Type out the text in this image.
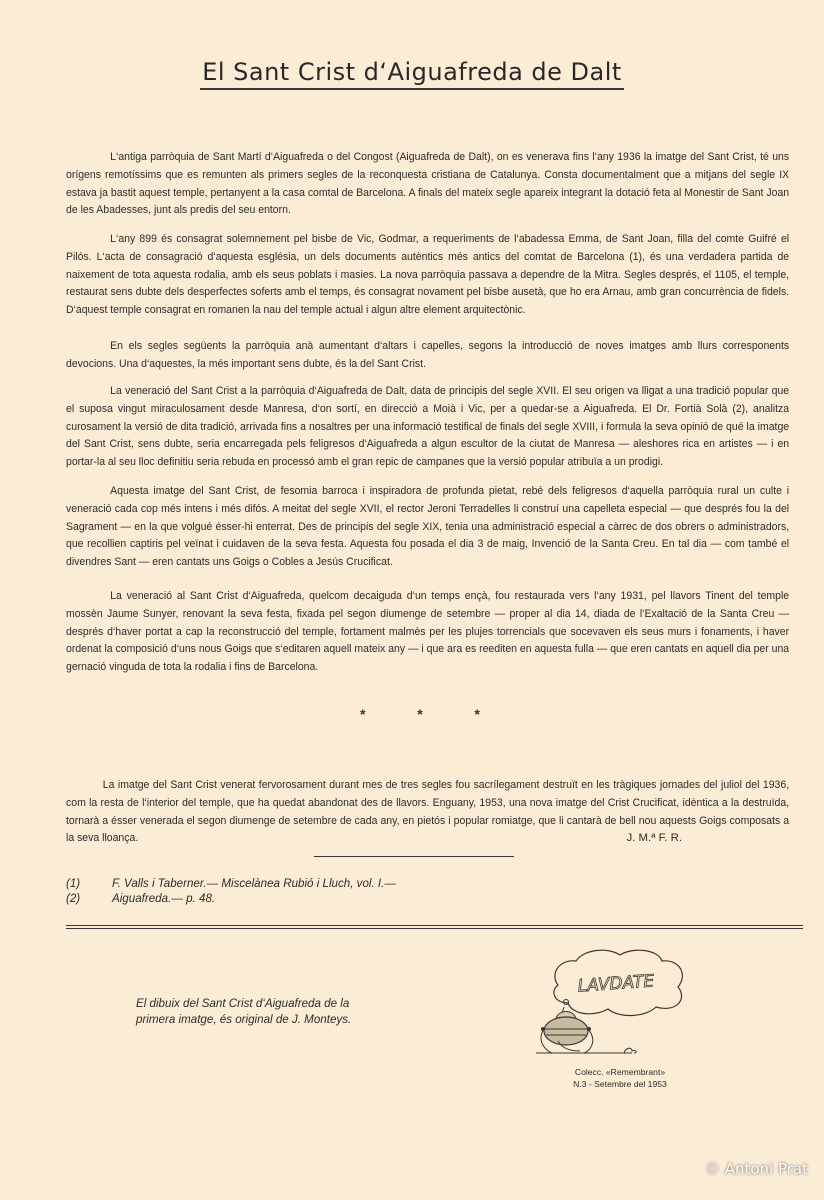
El Sant Crist d‘Aiguafreda de Dalt

L‘antiga parròquia de Sant Martí d‘Aiguafreda o del Congost (Aiguafreda de Dalt), on es venerava fins l‘any 1936 la imatge del Sant Crist, té uns orígens remotíssims que es remunten als primers segles de la reconquesta cristiana de Catalunya. Consta documentalment que a mitjans del segle IX estava ja bastit aquest temple, pertanyent a la casa comtal de Barcelona. A finals del mateix segle apareix integrant la dotació feta al Monestir de Sant Joan de les Abadesses, junt als predis del seu entorn.

L‘any 899 és consagrat solemnement pel bisbe de Vic, Godmar, a requeriments de l‘abadessa Emma, de Sant Joan, filla del comte Guifré el Pilós. L‘acta de consagració d‘aquesta església, un dels documents autèntics més antics del comtat de Barcelona (1), és una verdadera partida de naixement de tota aquesta rodalia, amb els seus poblats i masies. La nova parròquia passava a dependre de la Mitra. Segles després, el 1105, el temple, restaurat sens dubte dels desperfectes soferts amb el temps, és consagrat novament pel bisbe ausetà, que ho era Arnau, amb gran concurrència de fidels. D‘aquest temple consagrat en romanen la nau del temple actual i algun altre element arquitectònic.

En els segles següents la parròquia anà aumentant d‘altars i capelles, segons la introducció de noves imatges amb llurs corresponents devocions. Una d‘aquestes, la més important sens dubte, és la del Sant Crist.

La veneració del Sant Crist a la parròquia d‘Aiguafreda de Dalt, data de principis del segle XVII. El seu origen va lligat a una tradició popular que el suposa vingut miraculosament desde Manresa, d‘on sortí, en direcció a Moià i Vic, per a quedar-se a Aiguafreda. El Dr. Fortià Solà (2), analitza curosament la versió de dita tradició, arrivada fins a nosaltres per una informació testifical de finals del segle XVIII, i formula la seva opinió de qué la imatge del Sant Crist, sens dubte, seria encarregada pels feligresos d‘Aiguafreda a algun escultor de la ciutat de Manresa — aleshores rica en artistes — i en portar-la al seu lloc definitiu seria rebuda en processó amb el gran repic de campanes que la versió popular atribuïa a un prodigi.

Aquesta imatge del Sant Crist, de fesomia barroca i inspiradora de profunda pietat, rebé dels feligresos d‘aquella parròquia rural un culte i veneració cada cop més intens i més difós. A meitat del segle XVII, el rector Jeroni Terradelles li construí una capelleta especial — que després fou la del Sagrament — en la que volgué ésser-hi enterrat. Des de principis del segle XIX, tenia una administració especial a càrrec de dos obrers o administradors, que recollien captiris pel veïnat i cuidaven de la seva festa. Aquesta fou posada el dia 3 de maig, Invenció de la Santa Creu. En tal dia — com també el divendres Sant — eren cantats uns Goigs o Cobles a Jesús Crucificat.

La veneració al Sant Crist d‘Aiguafreda, quelcom decaiguda d‘un temps ençà, fou restaurada vers l‘any 1931, pel llavors Tinent del temple mossèn Jaume Sunyer, renovant la seva festa, fixada pel segon diumenge de setembre — proper al dia 14, diada de l‘Exaltació de la Santa Creu — després d‘haver portat a cap la reconstrucció del temple, fortament malmès per les plujes torrencials que socevaven els seus murs i fonaments, i haver ordenat la composició d‘uns nous Goigs que s‘editaren aquell mateix any — i que ara es reediten en aquesta fulla — que eren cantats en aquell dia per una gernació vinguda de tota la rodalia i fins de Barcelona.

*	*	*

La imatge del Sant Crist venerat fervorosament durant mes de tres segles fou sacrílegament destruït en les tràgiques jornades del juliol del 1936, com la resta de l‘interior del temple, que ha quedat abandonat des de llavors. Enguany, 1953, una nova imatge del Crist Crucificat, idèntica a la destruïda, tornarà a ésser venerada el segon diumenge de setembre de cada any, en pietós i popular romiatge, que li cantarà de bell nou aquests Goigs composats a la seva lloança.	J. M.ª F. R.
(1)	F. Valls i Taberner.— Miscelànea Rubió i Lluch, vol. I.—
(2)	Aiguafreda.— p. 48.
El dibuix del Sant Crist d‘Aiguafreda de la
primera imatge, és original de J. Monteys.
LAVDATE
Colecc. «Remembrant»
N.3 - Setembre del 1953
© Antoni Prat
